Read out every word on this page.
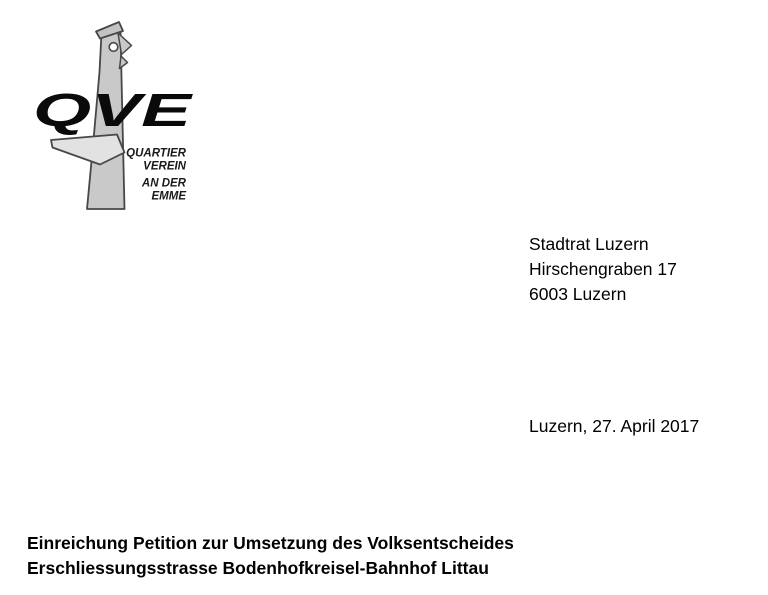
QVE
QUARTIER
VEREIN
AN DER
EMME
Stadtrat Luzern
Hirschengraben 17
6003 Luzern
Luzern, 27. April 2017
Einreichung Petition zur Umsetzung des Volksentscheides
Erschliessungsstrasse Bodenhofkreisel-Bahnhof Littau
